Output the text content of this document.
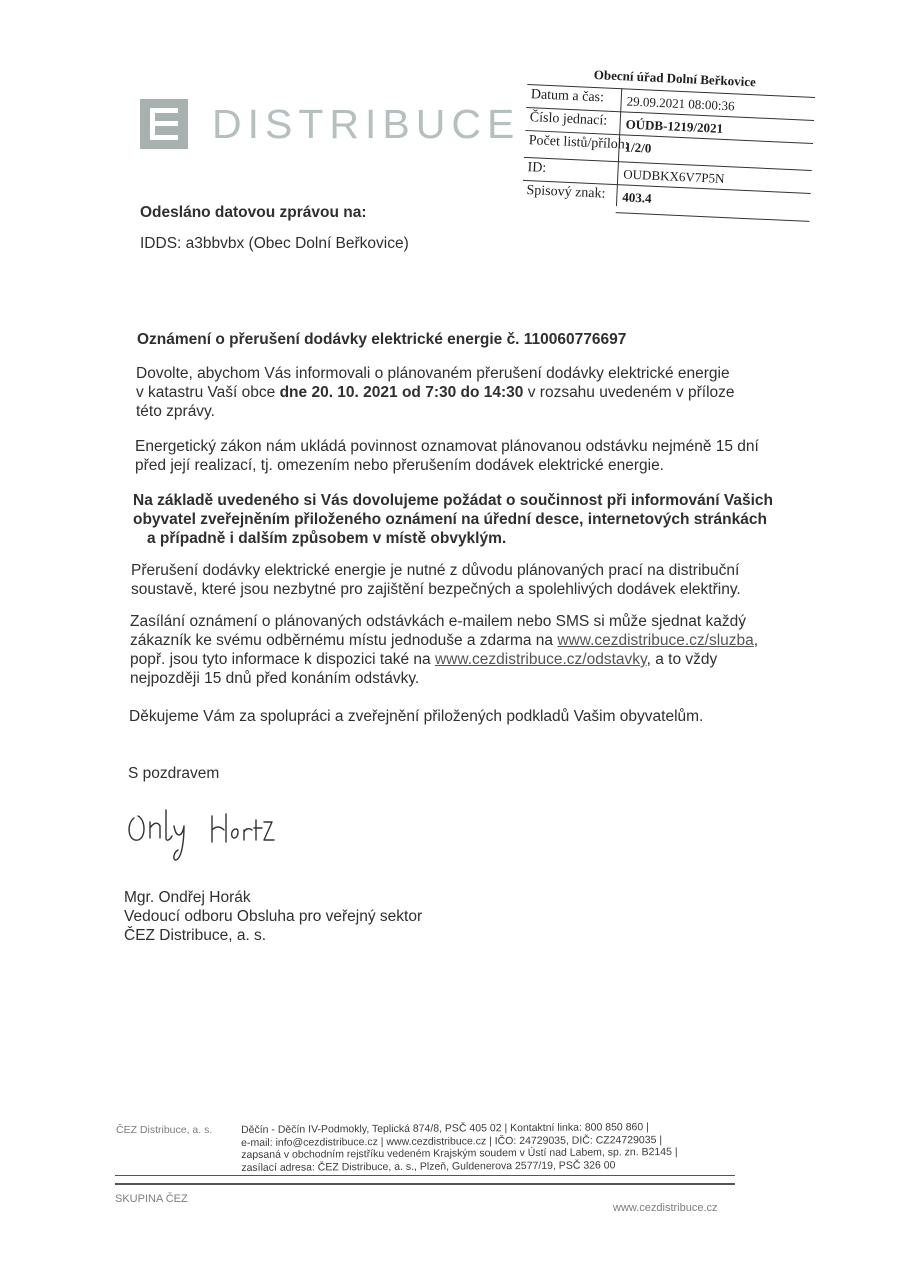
DISTRIBUCE
Obecní úřad Dolní Beřkovice
Datum a čas: 29.09.2021 08:00:36
Číslo jednací: OÚDB-1219/2021
Počet listů/příloh:
1/2/0
ID:	OUDBKX6V7P5N
Spisový znak: 403.4
Odesláno datovou zprávou na:
IDDS: a3bbvbx (Obec Dolní Beřkovice)
Oznámení o přerušení dodávky elektrické energie č. 110060776697
Dovolte, abychom Vás informovali o plánovaném přerušení dodávky elektrické energie
v katastru Vaší obce dne 20. 10. 2021 od 7:30 do 14:30 v rozsahu uvedeném v příloze
této zprávy.
Energetický zákon nám ukládá povinnost oznamovat plánovanou odstávku nejméně 15 dní
před její realizací, tj. omezením nebo přerušením dodávek elektrické energie.
Na základě uvedeného si Vás dovolujeme požádat o součinnost při informování Vašich
obyvatel zveřejněním přiloženého oznámení na úřední desce, internetových stránkách
a případně i dalším způsobem v místě obvyklým.
Přerušení dodávky elektrické energie je nutné z důvodu plánovaných prací na distribuční
soustavě, které jsou nezbytné pro zajištění bezpečných a spolehlivých dodávek elektřiny.
Zasílání oznámení o plánovaných odstávkách e-mailem nebo SMS si může sjednat každý
zákazník ke svému odběrnému místu jednoduše a zdarma na www.cezdistribuce.cz/sluzba,
popř. jsou tyto informace k dispozici také na www.cezdistribuce.cz/odstavky, a to vždy
nejpozději 15 dnů před konáním odstávky.
Děkujeme Vám za spolupráci a zveřejnění přiložených podkladů Vašim obyvatelům.
S pozdravem
Mgr. Ondřej Horák
Vedoucí odboru Obsluha pro veřejný sektor
ČEZ Distribuce, a. s.
ČEZ Distribuce, a. s.	Děčín - Děčín IV-Podmokly, Teplická 874/8, PSČ 405 02 | Kontaktní linka: 800 850 860 |
e-mail: info@cezdistribuce.cz | www.cezdistribuce.cz | IČO: 24729035, DIČ: CZ24729035 |
zapsaná v obchodním rejstříku vedeném Krajským soudem v Ústí nad Labem, sp. zn. B2145 |
zasílací adresa: ČEZ Distribuce, a. s., Plzeň, Guldenerova 2577/19, PSČ 326 00
SKUPINA ČEZ
www.cezdistribuce.cz
